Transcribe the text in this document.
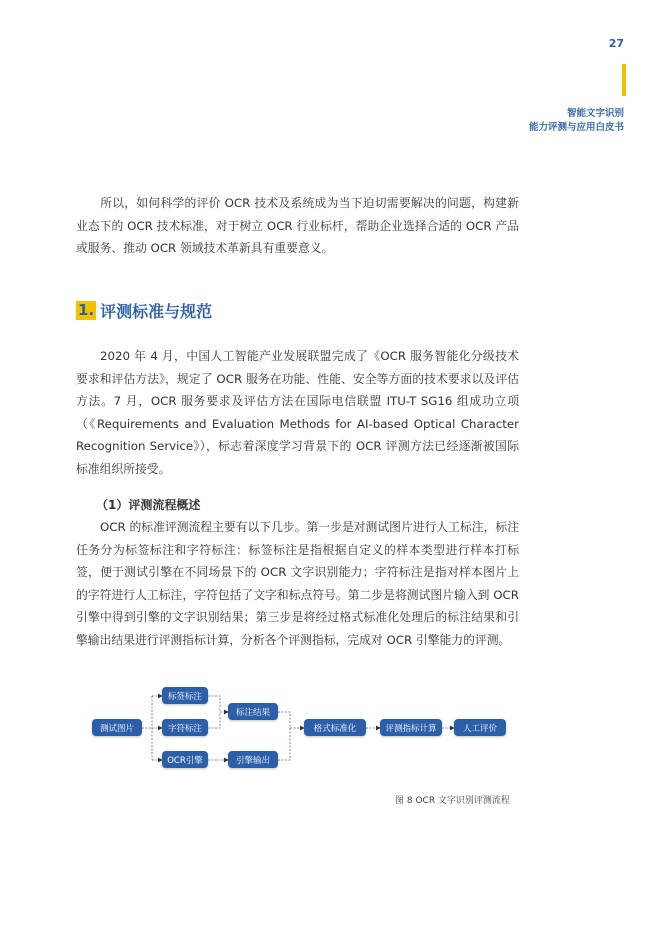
27
智能文字识别
能力评测与应用白皮书

所以，如何科学的评价 OCR 技术及系统成为当下迫切需要解决的问题，构建新业态下的 OCR 技术标准，对于树立 OCR 行业标杆，帮助企业选择合适的 OCR 产品或服务、推动 OCR 领域技术革新具有重要意义。

1. 评测标准与规范

2020 年 4 月，中国人工智能产业发展联盟完成了《OCR 服务智能化分级技术要求和评估方法》，规定了 OCR 服务在功能、性能、安全等方面的技术要求以及评估方法。7 月，OCR 服务要求及评估方法在国际电信联盟 ITU-T SG16 组成功立项（《Requirements and Evaluation Methods for AI-based Optical Character Recognition Service》），标志着深度学习背景下的 OCR 评测方法已经逐渐被国际标准组织所接受。

（1）评测流程概述

OCR 的标准评测流程主要有以下几步。第一步是对测试图片进行人工标注，标注任务分为标签标注和字符标注：标签标注是指根据自定义的样本类型进行样本打标签，便于测试引擎在不同场景下的 OCR 文字识别能力；字符标注是指对样本图片上的字符进行人工标注，字符包括了文字和标点符号。第二步是将测试图片输入到 OCR 引擎中得到引擎的文字识别结果；第三步是将经过格式标准化处理后的标注结果和引擎输出结果进行评测指标计算，分析各个评测指标，完成对 OCR 引擎能力的评测。

测试图片
标签标注
字符标注
OCR引擎
标注结果
引擎输出
格式标准化	评测指标计算	人工评价
图 8 OCR 文字识别评测流程
